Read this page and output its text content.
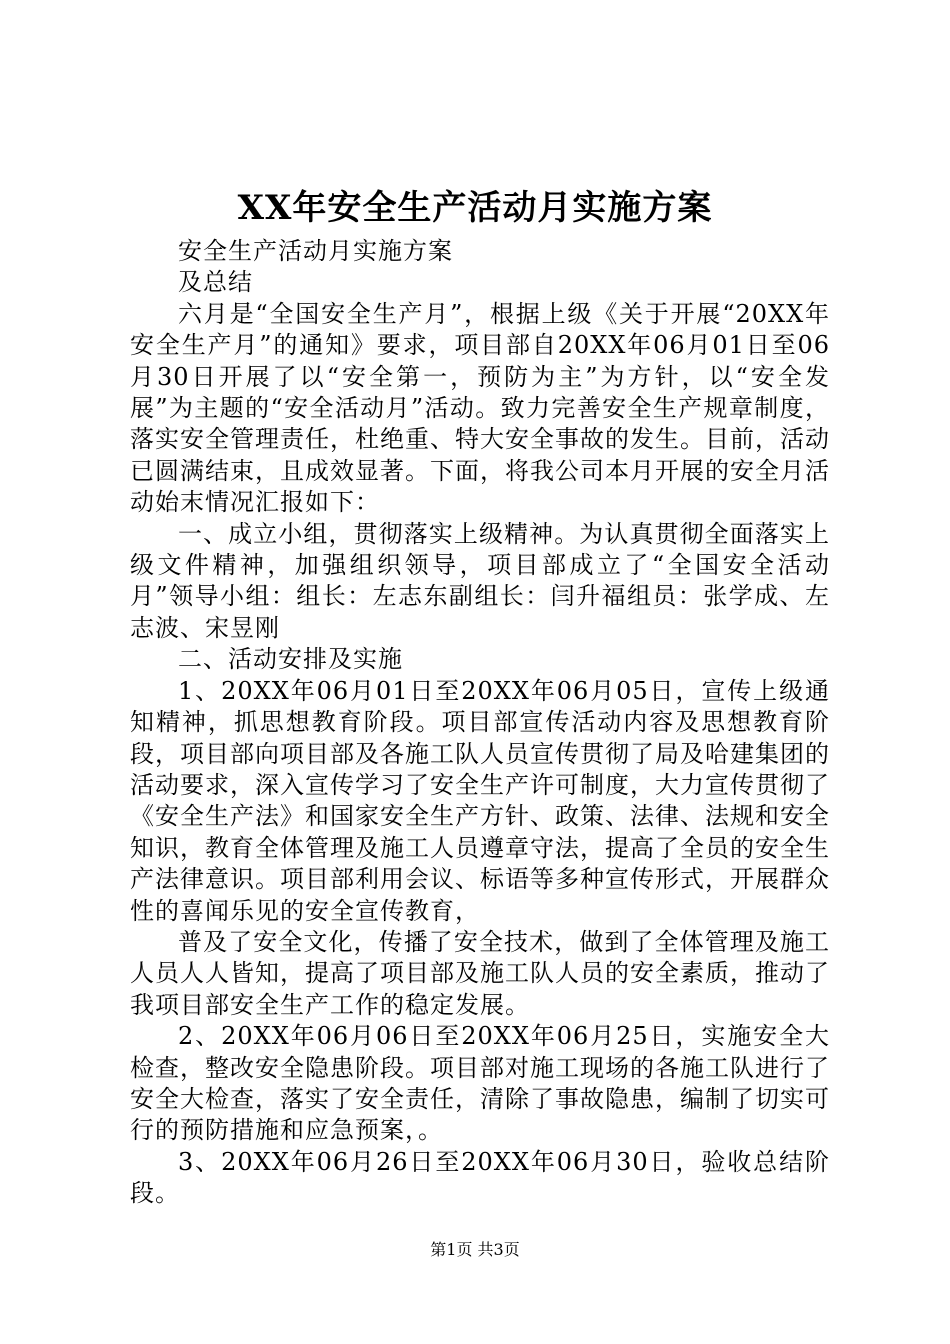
XX年安全生产活动月实施方案

安全生产活动月实施方案

及总结

六月是“全国安全生产月”，根据上级《关于开展“20XX年安全生产月”的通知》要求，项目部自20XX年06月01日至06月30日开展了以“安全第一，预防为主”为方针，以“安全发展”为主题的“安全活动月”活动。致力完善安全生产规章制度，落实安全管理责任，杜绝重、特大安全事故的发生。目前，活动已圆满结束，且成效显著。下面，将我公司本月开展的安全月活动始末情况汇报如下：

一、成立小组，贯彻落实上级精神。为认真贯彻全面落实上级文件精神，加强组织领导，项目部成立了“全国安全活动月”领导小组：组长：左志东副组长：闫升福组员：张学成、左志波、宋昱刚

二、活动安排及实施

1、20XX年06月01日至20XX年06月05日，宣传上级通知精神，抓思想教育阶段。项目部宣传活动内容及思想教育阶段，项目部向项目部及各施工队人员宣传贯彻了局及哈建集团的活动要求，深入宣传学习了安全生产许可制度，大力宣传贯彻了《安全生产法》和国家安全生产方针、政策、法律、法规和安全知识，教育全体管理及施工人员遵章守法，提高了全员的安全生产法律意识。项目部利用会议、标语等多种宣传形式，开展群众性的喜闻乐见的安全宣传教育，

普及了安全文化，传播了安全技术，做到了全体管理及施工人员人人皆知，提高了项目部及施工队人员的安全素质，推动了我项目部安全生产工作的稳定发展。

2、20XX年06月06日至20XX年06月25日，实施安全大检查，整改安全隐患阶段。项目部对施工现场的各施工队进行了安全大检查，落实了安全责任，清除了事故隐患，编制了切实可行的预防措施和应急预案，。

3、20XX年06月26日至20XX年06月30日，验收总结阶段。

第1页 共3页
